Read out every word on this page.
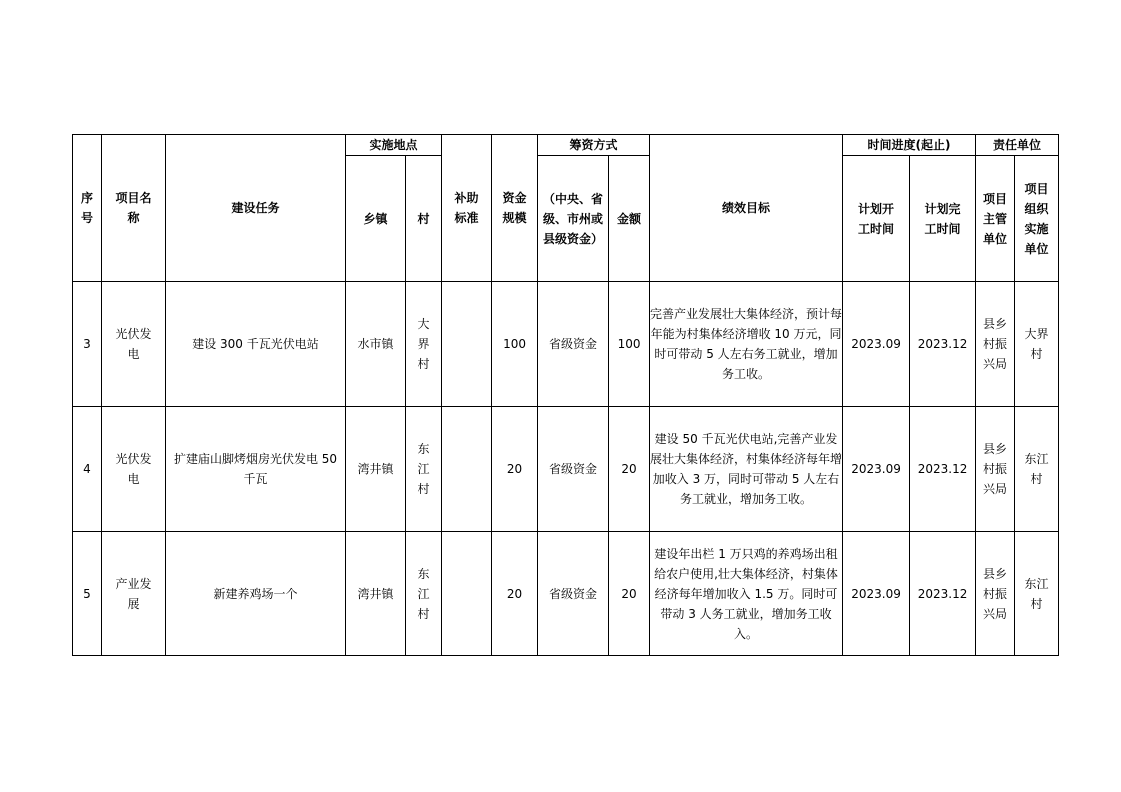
序号	项目名称	建设任务	实施地点		补助标准	资金规模	筹资方式		绩效目标	时间进度(起止)		责任单位	
			乡镇	村			（中央、省级、市州或县级资金）	金额		计划开工时间	计划完工时间	项目主管单位	项目组织实施单位
3	光伏发电	建设 300 千瓦光伏电站	水市镇	大界村		100	省级资金	100	完善产业发展壮大集体经济，预计每年能为村集体经济增收 10 万元，同时可带动 5 人左右务工就业，增加务工收。	2023.09	2023.12	县乡村振兴局	大界村
4	光伏发电	扩建庙山脚烤烟房光伏发电 50 千瓦	湾井镇	东江村		20	省级资金	20	建设 50 千瓦光伏电站,完善产业发展壮大集体经济，村集体经济每年增加收入 3 万，同时可带动 5 人左右务工就业，增加务工收。	2023.09	2023.12	县乡村振兴局	东江村
5	产业发展	新建养鸡场一个	湾井镇	东江村		20	省级资金	20	建设年出栏 1 万只鸡的养鸡场出租给农户使用,壮大集体经济，村集体经济每年增加收入 1.5 万。同时可带动 3 人务工就业，增加务工收入。	2023.09	2023.12	县乡村振兴局	东江村
